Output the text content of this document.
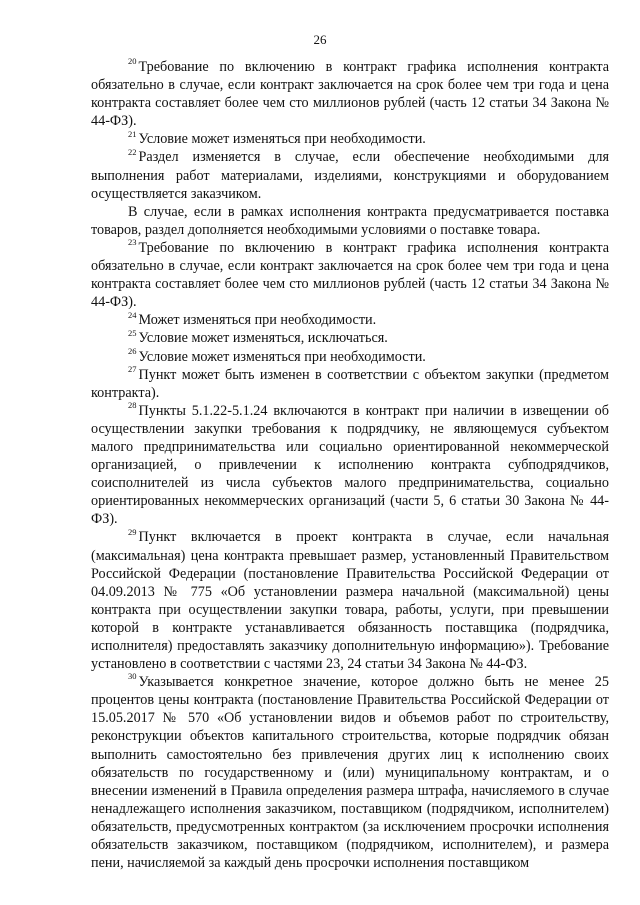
26

$^{20}$ Требование по включению в контракт графика исполнения контракта обязательно в случае, если контракт заключается на срок более чем три года и цена контракта составляет более чем сто миллионов рублей (часть 12 статьи 34 Закона № 44-ФЗ).

$^{21}$ Условие может изменяться при необходимости.

$^{22}$ Раздел изменяется в случае, если обеспечение необходимыми для выполнения работ материалами, изделиями, конструкциями и оборудованием осуществляется заказчиком.

В случае, если в рамках исполнения контракта предусматривается поставка товаров, раздел дополняется необходимыми условиями о поставке товара.

$^{23}$ Требование по включению в контракт графика исполнения контракта обязательно в случае, если контракт заключается на срок более чем три года и цена контракта составляет более чем сто миллионов рублей (часть 12 статьи 34 Закона № 44-ФЗ).

$^{24}$ Может изменяться при необходимости.

$^{25}$ Условие может изменяться, исключаться.

$^{26}$ Условие может изменяться при необходимости.

$^{27}$ Пункт может быть изменен в соответствии с объектом закупки (предметом контракта).

$^{28}$ Пункты 5.1.22-5.1.24 включаются в контракт при наличии в извещении об осуществлении закупки требования к подрядчику, не являющемуся субъектом малого предпринимательства или социально ориентированной некоммерческой организацией, о привлечении к исполнению контракта субподрядчиков, соисполнителей из числа субъектов малого предпринимательства, социально ориентированных некоммерческих организаций (части 5, 6 статьи 30 Закона № 44-ФЗ).

$^{29}$ Пункт включается в проект контракта в случае, если начальная (максимальная) цена контракта превышает размер, установленный Правительством Российской Федерации (постановление Правительства Российской Федерации от 04.09.2013 № 775 «Об установлении размера начальной (максимальной) цены контракта при осуществлении закупки товара, работы, услуги, при превышении которой в контракте устанавливается обязанность поставщика (подрядчика, исполнителя) предоставлять заказчику дополнительную информацию»). Требование установлено в соответствии с частями 23, 24 статьи 34 Закона № 44-ФЗ.

$^{30}$ Указывается конкретное значение, которое должно быть не менее 25 процентов цены контракта (постановление Правительства Российской Федерации от 15.05.2017 № 570 «Об установлении видов и объемов работ по строительству, реконструкции объектов капитального строительства, которые подрядчик обязан выполнить самостоятельно без привлечения других лиц к исполнению своих обязательств по государственному и (или) муниципальному контрактам, и о внесении изменений в Правила определения размера штрафа, начисляемого в случае ненадлежащего исполнения заказчиком, поставщиком (подрядчиком, исполнителем) обязательств, предусмотренных контрактом (за исключением просрочки исполнения обязательств заказчиком, поставщиком (подрядчиком, исполнителем), и размера пени, начисляемой за каждый день просрочки исполнения поставщиком
